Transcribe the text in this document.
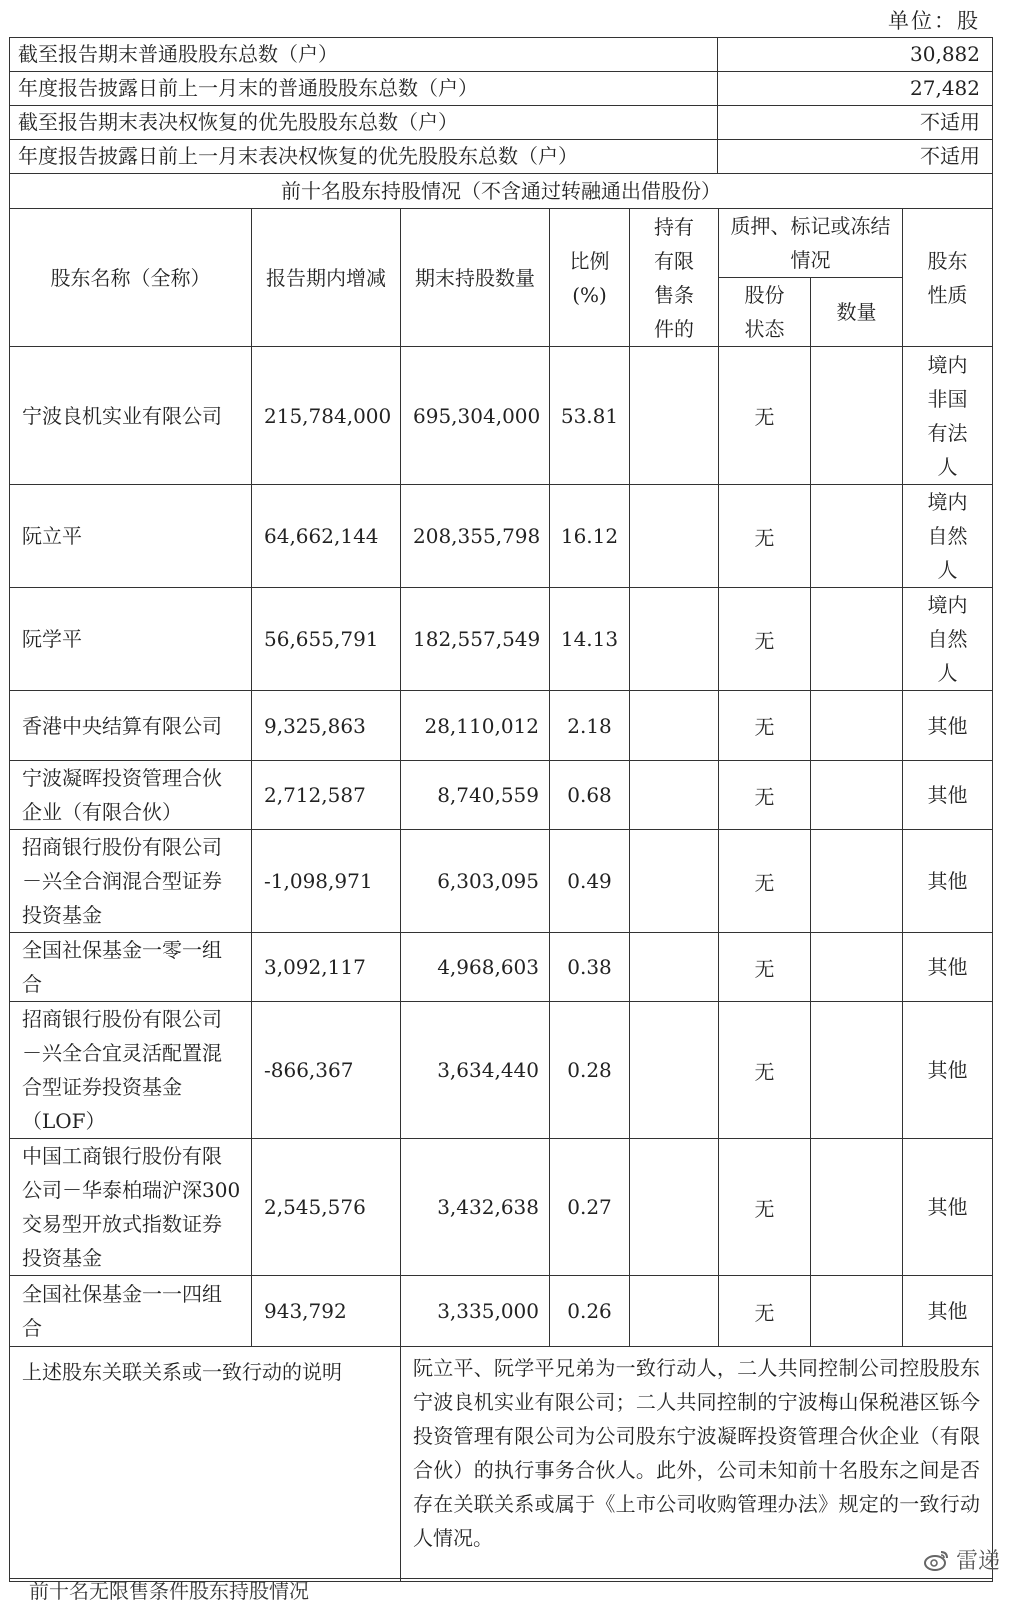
单位：股
截至报告期末普通股股东总数（户）	30,882
年度报告披露日前上一月末的普通股股东总数（户）	27,482
截至报告期末表决权恢复的优先股股东总数（户）	不适用
年度报告披露日前上一月末表决权恢复的优先股股东总数（户）	不适用
前十名股东持股情况（不含通过转融通出借股份）							
股东名称（全称）	报告期内增减	期末持股数量	比例(%)	持有有限售条件的	质押、标记或冻结情况		股东性质
					股份状态	数量	
宁波良机实业有限公司	215,784,000	695,304,000	53.81		无		境内非国有法人

阮立平	64,662,144	208,355,798	16.12		无		境内自然人

阮学平	56,655,791	182,557,549	14.13		无		境内自然人

香港中央结算有限公司	9,325,863	28,110,012	2.18		无		其他
宁波凝晖投资管理合伙企业（有限合伙）	2,712,587	8,740,559	0.68		无		其他
招商银行股份有限公司－兴全合润混合型证券投资基金	-1,098,971	6,303,095	0.49		无		其他
全国社保基金一零一组合	3,092,117	4,968,603	0.38		无		其他
招商银行股份有限公司－兴全合宜灵活配置混合型证券投资基金（LOF）	-866,367	3,634,440	0.28		无		其他
中国工商银行股份有限公司－华泰柏瑞沪深300交易型开放式指数证券投资基金	2,545,576	3,432,638	0.27		无		其他
全国社保基金一一四组合	943,792	3,335,000	0.26		无		其他
上述股东关联关系或一致行动的说明		阮立平、阮学平兄弟为一致行动人，二人共同控制公司控股股东宁波良机实业有限公司；二人共同控制的宁波梅山保税港区铄今投资管理有限公司为公司股东宁波凝晖投资管理合伙企业（有限合伙）的执行事务合伙人。此外，公司未知前十名股东之间是否存在关联关系或属于《上市公司收购管理办法》规定的一致行动人情况。					
前十名无限售条件股东持股情况
雷递
